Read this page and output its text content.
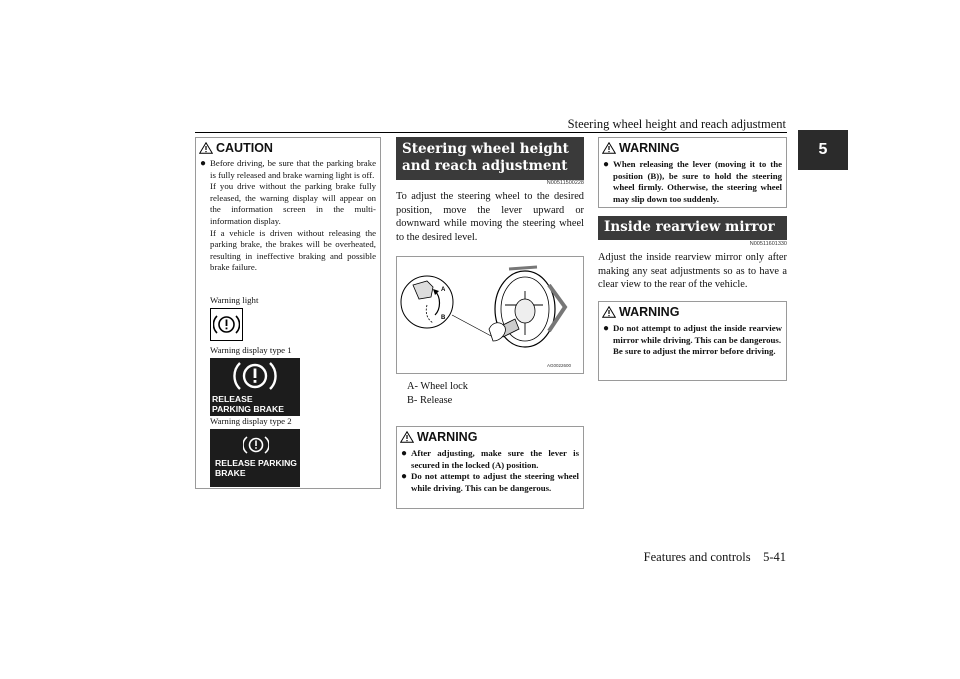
Steering wheel height and reach adjustment
5
CAUTION
● Before driving, be sure that the parking brake is fully released and brake warning light is off.
If you drive without the parking brake fully released, the warning display will appear on the information screen in the multi-information display.
If a vehicle is driven without releasing the parking brake, the brakes will be overheated, resulting in ineffective braking and possible brake failure.
Warning light
Warning display type 1
RELEASE
PARKING BRAKE
Warning display type 2
RELEASE PARKING
BRAKE
Steering wheel height and reach adjustment
N00511500228
To adjust the steering wheel to the desired position, move the lever upward or downward while moving the steering wheel to the desired level.
AG0022600
A
B
A- Wheel lock
B- Release
WARNING
● After adjusting, make sure the lever is secured in the locked (A) position.
● Do not attempt to adjust the steering wheel while driving. This can be dangerous.
WARNING
● When releasing the lever (moving it to the position (B)), be sure to hold the steering wheel firmly. Otherwise, the steering wheel may slip down too suddenly.
Inside rearview mirror
N00511601330
Adjust the inside rearview mirror only after making any seat adjustments so as to have a clear view to the rear of the vehicle.
WARNING
● Do not attempt to adjust the inside rearview mirror while driving. This can be dangerous.
Be sure to adjust the mirror before driving.
Features and controls    5-41
